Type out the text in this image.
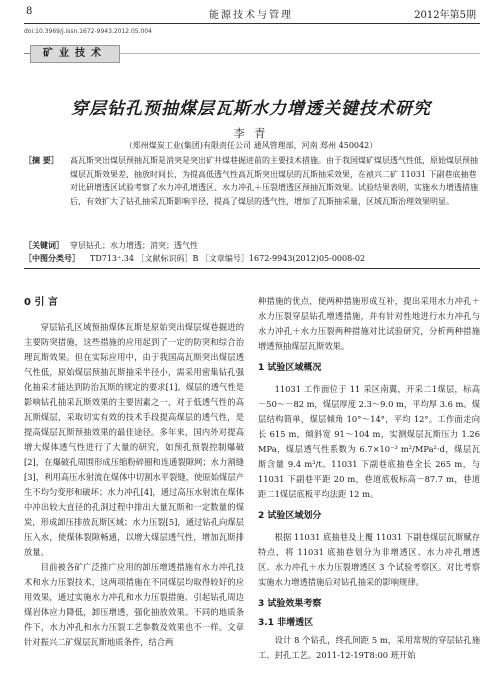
8	能源技术与管理	2012年第5期
doi:10.3969/j.issn.1672-9943.2012.05.004
矿业技术
穿层钻孔预抽煤层瓦斯水力增透关键技术研究
李 青
（郑州煤炭工业(集团)有限责任公司 通风管理部，河南 郑州 450042）
［摘 要］ 高瓦斯突出煤层预抽瓦斯是消突是突出矿井煤巷掘进前的主要技术措施。由于我国煤矿煤层透气性低，原始煤层预抽煤层瓦斯效果差，抽放时间长，为提高低透气性高瓦斯突出煤层的瓦斯抽采效果，在祯兴二矿 11031 下副巷底抽巷对比研增透区试验考察了水力冲孔增透区、水力冲孔＋压裂增透区预抽瓦斯效果。试验结果表明，实施水力增透措施后，有效扩大了钻孔抽采瓦斯影响半径，提高了煤层的透气性，增加了瓦斯抽采量，区域瓦斯治理效果明显。
［关键词］ 穿层钻孔；水力增透；消突；透气性
［中图分类号］ TD713⁺.34 ［文献标识码］B ［文章编号］1672-9943(2012)05-0008-02
0 引 言

穿层钻孔区域预抽煤体瓦斯是原始突出煤层煤巷掘进的主要防突措施，这些措施的应用起到了一定的防突和综合治理瓦斯效果。但在实际应用中，由于我国高瓦斯突出煤层透气性低，原始煤层预抽瓦斯抽采半径小，需采用密集钻孔强化抽采才能达到防治瓦斯的规定的要求[1]。煤层的透气性是影响钻孔抽采瓦斯效果的主要因素之一，对于低透气性的高瓦斯煤层，采取切实有效的技术手段提高煤层的透气性，是提高煤层瓦斯预抽效果的最佳途径。多年来，国内外对提高增大煤体透气性进行了大量的研究，如预孔预裂控制爆破[2]，在爆破孔周围形成压缩粉碎圈和连通裂隙网；水力割缝[3]，利用高压水射流在煤体中切割水平裂缝，使原始煤层产生不均匀变形和破坏；水力冲孔[4]，通过高压水射流在煤体中冲出较大直径的孔洞过程中排出大量瓦斯和一定数量的煤炭，形成卸压排放瓦斯区域；水力压裂[5]，通过钻孔向煤层压入水，使煤体裂隙畅通，以增大煤层透气性，增加瓦斯排放量。

目前被各矿广泛推广应用的卸压增透措施有水力冲孔技术和水力压裂技术，这两项措施在不同煤层均取得较好的应用效果，通过实施水力冲孔和水力压裂措施、引起钻孔周边煤岩体应力降低，卸压增透，强化抽放效果。不同的地质条件下，水力冲孔和水力压裂工艺参数及效果也不一样。文章针对振兴二矿煤层瓦斯地质条件，结合两

种措施的优点，使两种措施形成互补，提出采用水力冲孔＋水力压裂穿层钻孔增透措施，并有针对性地进行水力冲孔与水力冲孔＋水力压裂两种措施对比试验研究，分析两种措施增透预抽煤层瓦斯效果。
1 试验区域概况

11031 工作面位于 11 采区南翼，开采二1煤层，标高－50～－82 m，煤层厚度 2.3～9.0 m，平均厚 3.6 m。煤层结构简单，煤层倾角 10°～14°，平均 12°。工作面走向长 615 m，倾斜宽 91～104 m，实测煤层瓦斯压力 1.26 MPa，煤层透气性系数为 6.7×10⁻³ m²/MPa²·d，煤层瓦斯含量 9.4 m³/t。11031 下副巷底抽巷全长 265 m，与 11031 下副巷平距 20 m，巷道底板标高－87.7 m，巷道距二1煤层底板平均法距 12 m。

2 试验区域划分

根据 11031 底抽巷及上覆 11031 下副巷煤层瓦斯赋存特点，将 11031 底抽巷划分为非增透区、水力冲孔增透区、水力冲孔＋水力压裂增透区 3 个试验考察区。对比考察实施水力增透措施后对钻孔抽采的影响规律。

3 试验效果考察
3.1 非增透区

设计 8 个钻孔，终孔间距 5 m，采用常规的穿层钻孔施工、封孔工艺。2011-12-19T8:00 班开始
